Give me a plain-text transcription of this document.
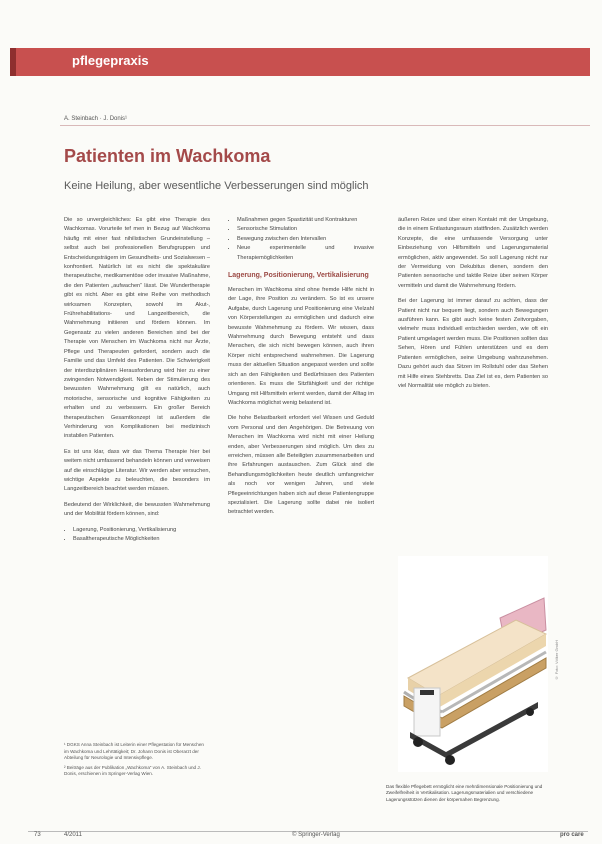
pflegepraxis
A. Steinbach · J. Donis¹
Patienten im Wachkoma
Keine Heilung, aber wesentliche Verbesserungen sind möglich

Die so unvergleichliches: Es gibt eine Therapie des Wachkomas. Vorurteile tef men in Bezug auf Wachkoma häufig mit einer fast nihilistischen Grundeinstellung – selbst auch bei professionellen Berufsgruppen und Entscheidungsträgern im Gesundheits- und Sozialwesen – konfrontiert. Natürlich ist es nicht die spektakuläre therapeutische, medikamentöse oder invasive Maßnahme, die den Patienten „aufwachen“ lässt. Die Wundertherapie gibt es nicht. Aber es gibt eine Reihe von methodisch wirksamen Konzepten, sowohl im Akut-, Frührehabilitations- und Langzeitbereich, die Wahrnehmung initiieren und fördern können. Im Gegensatz zu vielen anderen Bereichen sind bei der Therapie von Menschen im Wachkoma nicht nur Ärzte, Pflege und Therapeuten gefordert, sondern auch die Familie und das Umfeld des Patienten. Die Schwierigkeit der interdisziplinären Herausforderung wird hier zu einer zwingenden Notwendigkeit. Neben der Stimulierung des bewussten Wahrnehmung gilt es natürlich, auch motorische, sensorische und kognitive Fähigkeiten zu erhalten und zu verbessern. Ein großer Bereich therapeutischen Gesamtkonzept ist außerdem die Verhinderung von Komplikationen bei medizinisch instabilen Patienten.

Es ist uns klar, dass wir das Thema Therapie hier bei weitem nicht umfassend behandeln können und verweisen auf die einschlägige Literatur. Wir werden aber versuchen, wichtige Aspekte zu beleuchten, die besonders im Langzeitbereich beachtet werden müssen.

Bedeutend der Wirklichkeit, die bewussten Wahrnehmung und der Mobilität fördern können, sind:

• Lagerung, Positionierung, Vertikalisierung
• Basaltherapeutische Möglichkeiten

¹ DGKS Anna Steinbach ist Leiterin einer Pflegestation für Menschen im Wachkoma und Lehrtätigkeit; Dr. Johann Donis ist Oberarzt der Abteilung für Neurologie und Intensivpflege.

² Beiträge aus der Publikation „Wachkoma“ von A. Steinbach und J. Donis, erschienen im Springer-Verlag Wien.

• Maßnahmen gegen Spastizität und Kontrakturen
• Sensorische Stimulation
• Bewegung zwischen den Intervallen
• Neue experimentelle und invasive Therapiemöglichkeiten
Lagerung, Positionierung, Vertikalisierung

Menschen im Wachkoma sind ohne fremde Hilfe nicht in der Lage, ihre Position zu verändern. So ist es unsere Aufgabe, durch Lagerung und Positionierung eine Vielzahl von Körperstellungen zu ermöglichen und dadurch eine bewusste Wahrnehmung zu fördern. Wir wissen, dass Wahrnehmung durch Bewegung entsteht und dass Menschen, die sich nicht bewegen können, auch ihren Körper nicht entsprechend wahrnehmen. Die Lagerung muss der aktuellen Situation angepasst werden und sollte sich an den Fähigkeiten und Bedürfnissen des Patienten orientieren. Es muss die Sitzfähigkeit und der richtige Umgang mit Hilfsmitteln erlernt werden, damit der Alltag im Wachkoma möglichst wenig belastend ist.

Die hohe Belastbarkeit erfordert viel Wissen und Geduld vom Personal und den Angehörigen. Die Betreuung von Menschen im Wachkoma wird nicht mit einer Heilung enden, aber Verbesserungen sind möglich. Um dies zu erreichen, müssen alle Beteiligten zusammenarbeiten und ihre Erfahrungen austauschen. Zum Glück sind die Behandlungsmöglichkeiten heute deutlich umfangreicher als noch vor wenigen Jahren, und viele Pflegeeinrichtungen haben sich auf diese Patientengruppe spezialisiert. Die Lagerung sollte dabei nie isoliert betrachtet werden.

äußeren Reize und über einen Kontakt mit der Umgebung, die in einem Entlastungsraum stattfinden. Zusätzlich werden Konzepte, die eine umfassende Versorgung unter Einbeziehung von Hilfsmitteln und Lagerungsmaterial ermöglichen, aktiv angewendet. So soll Lagerung nicht nur der Vermeidung von Dekubitus dienen, sondern den Patienten sensorische und taktile Reize über seinen Körper vermitteln und damit die Wahrnehmung fördern.

Bei der Lagerung ist immer darauf zu achten, dass der Patient nicht nur bequem liegt, sondern auch Bewegungen ausführen kann. Es gibt auch keine festen Zeitvorgaben, vielmehr muss individuell entschieden werden, wie oft ein Patient umgelagert werden muss. Die Positionen sollten das Sehen, Hören und Fühlen unterstützen und es dem Patienten ermöglichen, seine Umgebung wahrzunehmen. Dazu gehört auch das Sitzen im Rollstuhl oder das Stehen mit Hilfe eines Stehbretts. Das Ziel ist es, dem Patienten so viel Normalität wie möglich zu bieten.

© Foto: Völker GmbH
Das flexible Pflegebett ermöglicht eine mehrdimensionale Positionierung und Zweifelfreiheit in Vertikalisation. Lagerungsmaterialien und verschiedene Lagerungsstützen dienen der körpernahen Begrenzung.
73	4/2011	© Springer-Verlag	pro care
